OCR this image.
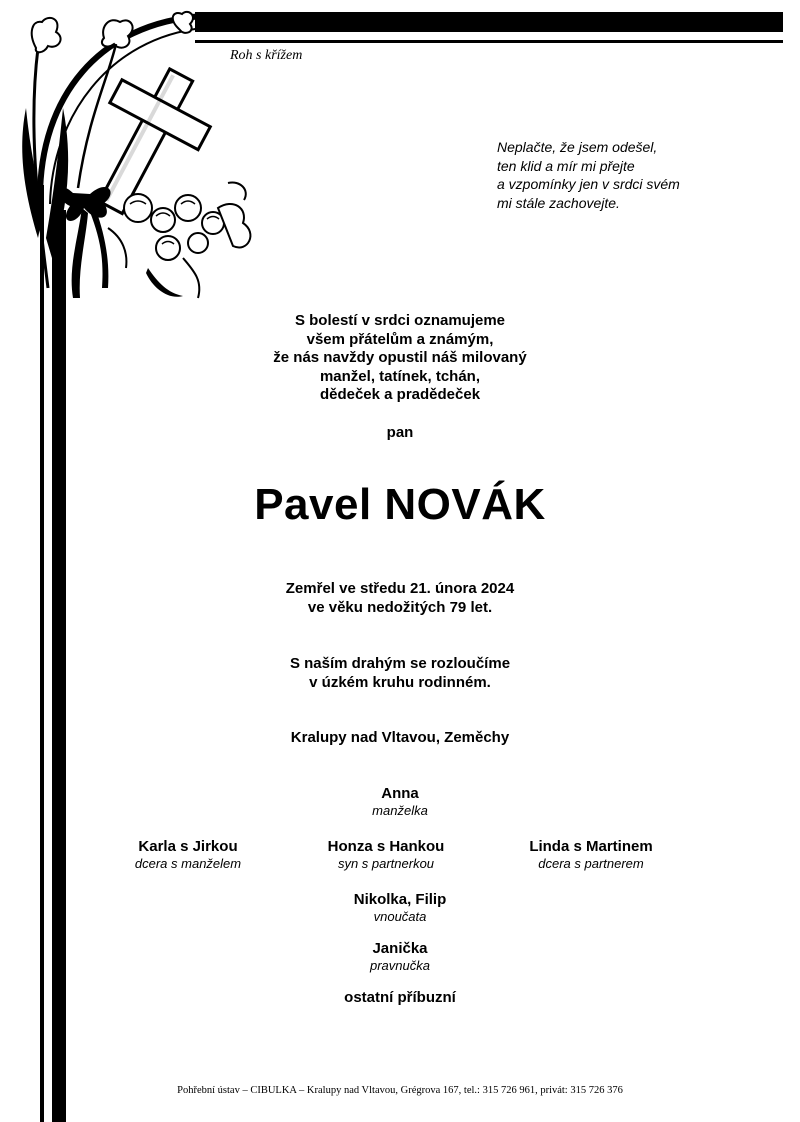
Roh s křížem
Neplačte, že jsem odešel,
ten klid a mír mi přejte
a vzpomínky jen v srdci svém
mi stále zachovejte.
S bolestí v srdci oznamujeme
všem přátelům a známým,
že nás navždy opustil náš milovaný
manžel, tatínek, tchán,
dědeček a pradědeček
pan
Pavel NOVÁK
Zemřel ve středu 21. února 2024
ve věku nedožitých 79 let.
S naším drahým se rozloučíme
v úzkém kruhu rodinném.
Kralupy nad Vltavou, Zeměchy
Anna
manželka
Karla s Jirkou
dcera s manželem
Honza s Hankou
syn s partnerkou
Linda s Martinem
dcera s partnerem
Nikolka, Filip
vnoučata
Janička
pravnučka
ostatní příbuzní
Pohřební ústav – CIBULKA – Kralupy nad Vltavou, Grégrova 167, tel.: 315 726 961, privát: 315 726 376
